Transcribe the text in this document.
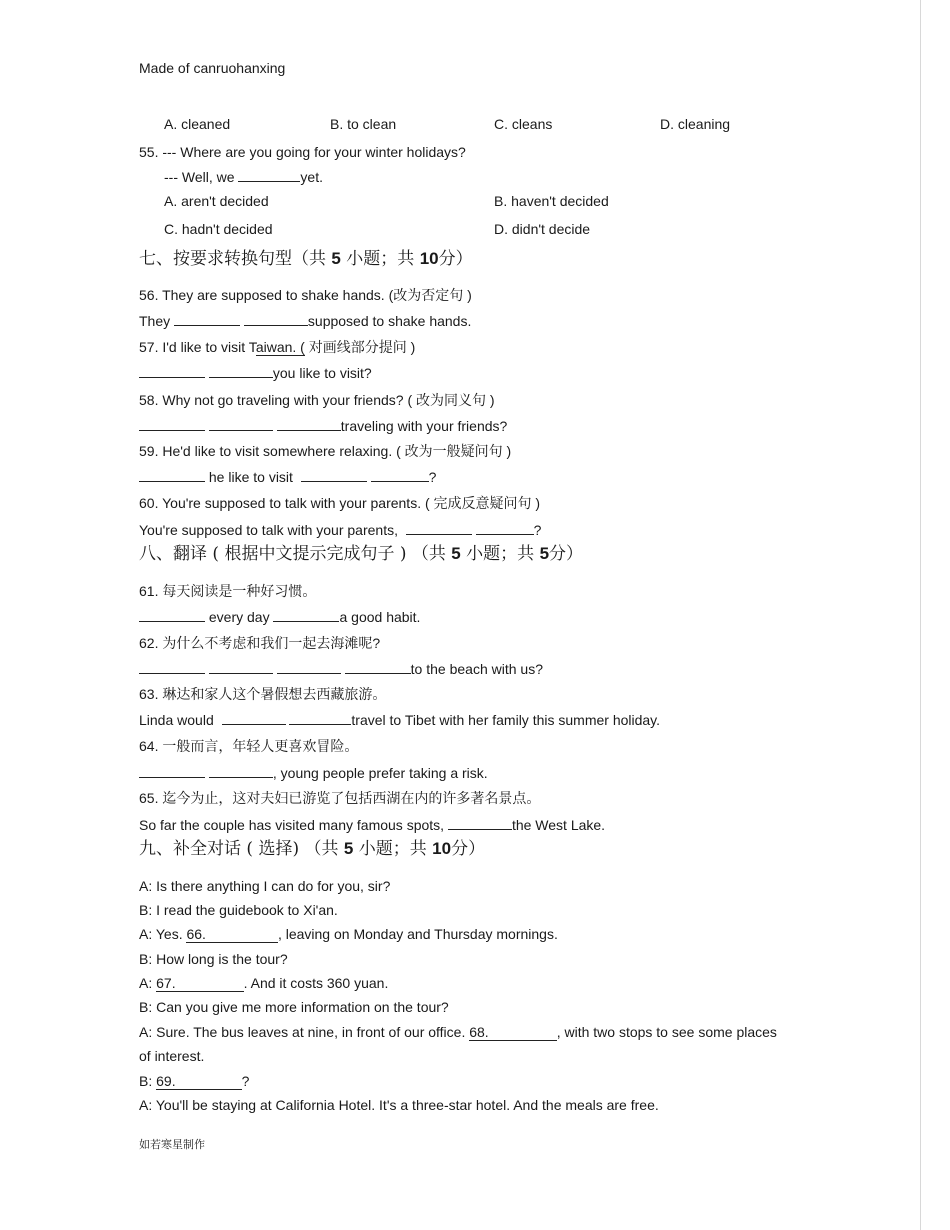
Made of canruohanxing
A. cleaned	B. to clean	C. cleans	D. cleaning
55. --- Where are you going for your winter holidays?
--- Well, we	yet.
A. aren't decided	B. haven't decided
C. hadn't decided	D. didn't decide
七、按要求转换句型（共 5 小题；共 10分）
56. They are supposed to shake hands. (改为否定句 )
They	supposed to shake hands.
57. I'd like to visit Taiwan. ( 对画线部分提问 )
you like to visit?
58. Why not go traveling with your friends? ( 改为同义句 )
traveling with your friends?
59. He'd like to visit somewhere relaxing. ( 改为一般疑问句 )
he like to visit	?
60. You're supposed to talk with your parents. ( 完成反意疑问句 )
You're supposed to talk with your parents,	?
八、翻译 ( 根据中文提示完成句子 ) （共 5 小题；共 5分）
61. 每天阅读是一种好习惯。
every day	a good habit.
62. 为什么不考虑和我们一起去海滩呢?
to the beach with us?
63. 琳达和家人这个暑假想去西藏旅游。
Linda would	travel to Tibet with her family this summer holiday.
64. 一般而言，年轻人更喜欢冒险。
, young people prefer taking a risk.
65. 迄今为止，这对夫妇已游览了包括西湖在内的许多著名景点。
So far the couple has visited many famous spots,	the West Lake.
九、补全对话 ( 选择) （共 5 小题；共 10分）
A: Is there anything I can do for you, sir?
B: I read the guidebook to Xi'an.
A: Yes. 66.	, leaving on Monday and Thursday mornings.
B: How long is the tour?
A: 67.	. And it costs 360 yuan.
B: Can you give me more information on the tour?
A: Sure. The bus leaves at nine, in front of our office. 68.	, with two stops to see some places
of interest.
B: 69.	?
A: You'll be staying at California Hotel. It's a three-star hotel. And the meals are free.
如若寒星制作
